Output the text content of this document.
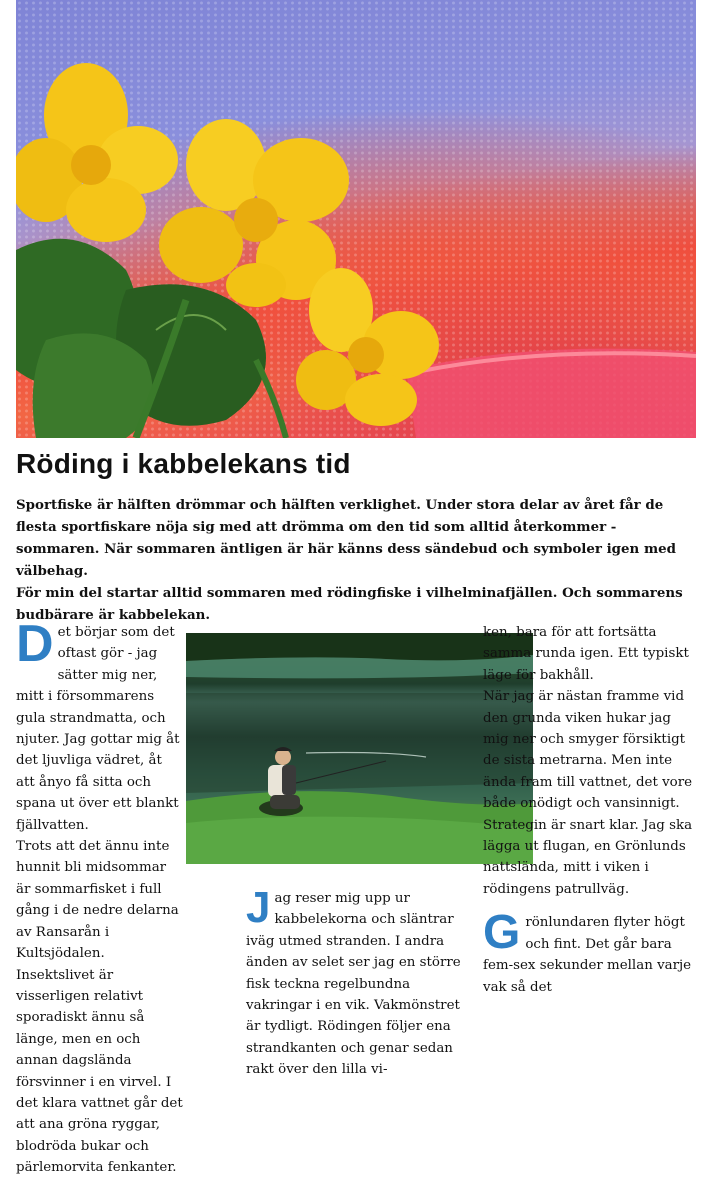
Röding i kabbelekans tid

Sportfiske är hälften drömmar och hälften verklighet. Under stora delar av året får de flesta sportfiskare nöja sig med att drömma om den tid som alltid återkommer - sommaren. När sommaren äntligen är här känns dess sändebud och symboler igen med välbehag.

För min del startar alltid sommaren med rödingfiske i vilhelminafjällen. Och sommarens budbärare är kabbelekan.

Det börjar som det oftast gör - jag sätter mig ner, mitt i försommarens gula strandmatta, och njuter. Jag gottar mig åt det ljuvliga vädret, åt att ånyo få sitta och spana ut över ett blankt fjällvatten.

Trots att det ännu inte hunnit bli midsommar är sommarfisket i full gång i de nedre delarna av Ransarån i Kultsjödalen. Insektslivet är visserligen relativt sporadiskt ännu så länge, men en och annan dagslända försvinner i en virvel. I det klara vattnet går det att ana gröna ryggar, blodröda bukar och pärlemorvita fenkanter.

Jag reser mig upp ur kabbelekorna och släntrar iväg utmed stranden. I andra änden av selet ser jag en större fisk teckna regelbundna vakringar i en vik. Vakmönstret är tydligt. Rödingen följer ena strandkanten och genar sedan rakt över den lilla vi-

ken, bara för att fortsätta samma runda igen. Ett typiskt läge för bakhåll.

När jag är nästan framme vid den grunda viken hukar jag mig ner och smyger försiktigt de sista metrarna. Men inte ända fram till vattnet, det vore både onödigt och vansinnigt.

Strategin är snart klar. Jag ska lägga ut flugan, en Grönlunds nattslända, mitt i viken i rödingens patrullväg.

Grönlundaren flyter högt och fint. Det går bara fem-sex sekunder mellan varje vak så det
